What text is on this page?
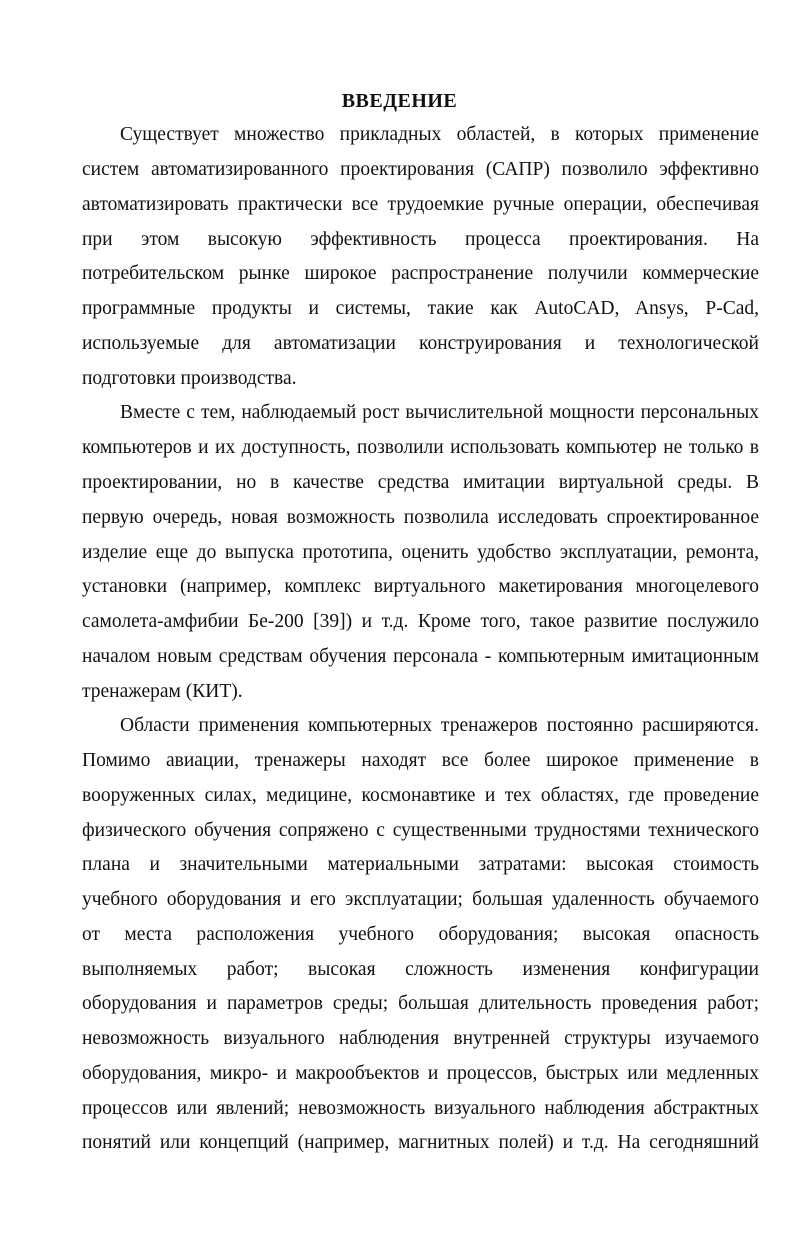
ВВЕДЕНИЕ
Существует множество прикладных областей, в которых применение
систем автоматизированного проектирования (САПР) позволило эффективно
автоматизировать практически все трудоемкие ручные операции, обеспечивая
при этом высокую эффективность процесса проектирования. На
потребительском рынке широкое распространение получили коммерческие
программные продукты и системы, такие как AutoCAD, Ansys, P-Cad,
используемые для автоматизации конструирования и технологической
подготовки производства.
Вместе с тем, наблюдаемый рост вычислительной мощности персональных
компьютеров и их доступность, позволили использовать компьютер не только в
проектировании, но в качестве средства имитации виртуальной среды. В
первую очередь, новая возможность позволила исследовать спроектированное
изделие еще до выпуска прототипа, оценить удобство эксплуатации, ремонта,
установки (например, комплекс виртуального макетирования многоцелевого
самолета-амфибии Бе-200 [39]) и т.д. Кроме того, такое развитие послужило
началом новым средствам обучения персонала - компьютерным имитационным
тренажерам (КИТ).
Области применения компьютерных тренажеров постоянно расширяются.
Помимо авиации, тренажеры находят все более широкое применение в
вооруженных силах, медицине, космонавтике и тех областях, где проведение
физического обучения сопряжено с существенными трудностями технического
плана и значительными материальными затратами: высокая стоимость
учебного оборудования и его эксплуатации; большая удаленность обучаемого
от места расположения учебного оборудования; высокая опасность
выполняемых работ; высокая сложность изменения конфигурации
оборудования и параметров среды; большая длительность проведения работ;
невозможность визуального наблюдения внутренней структуры изучаемого
оборудования, микро- и макрообъектов и процессов, быстрых или медленных
процессов или явлений; невозможность визуального наблюдения абстрактных
понятий или концепций (например, магнитных полей) и т.д. На сегодняшний
